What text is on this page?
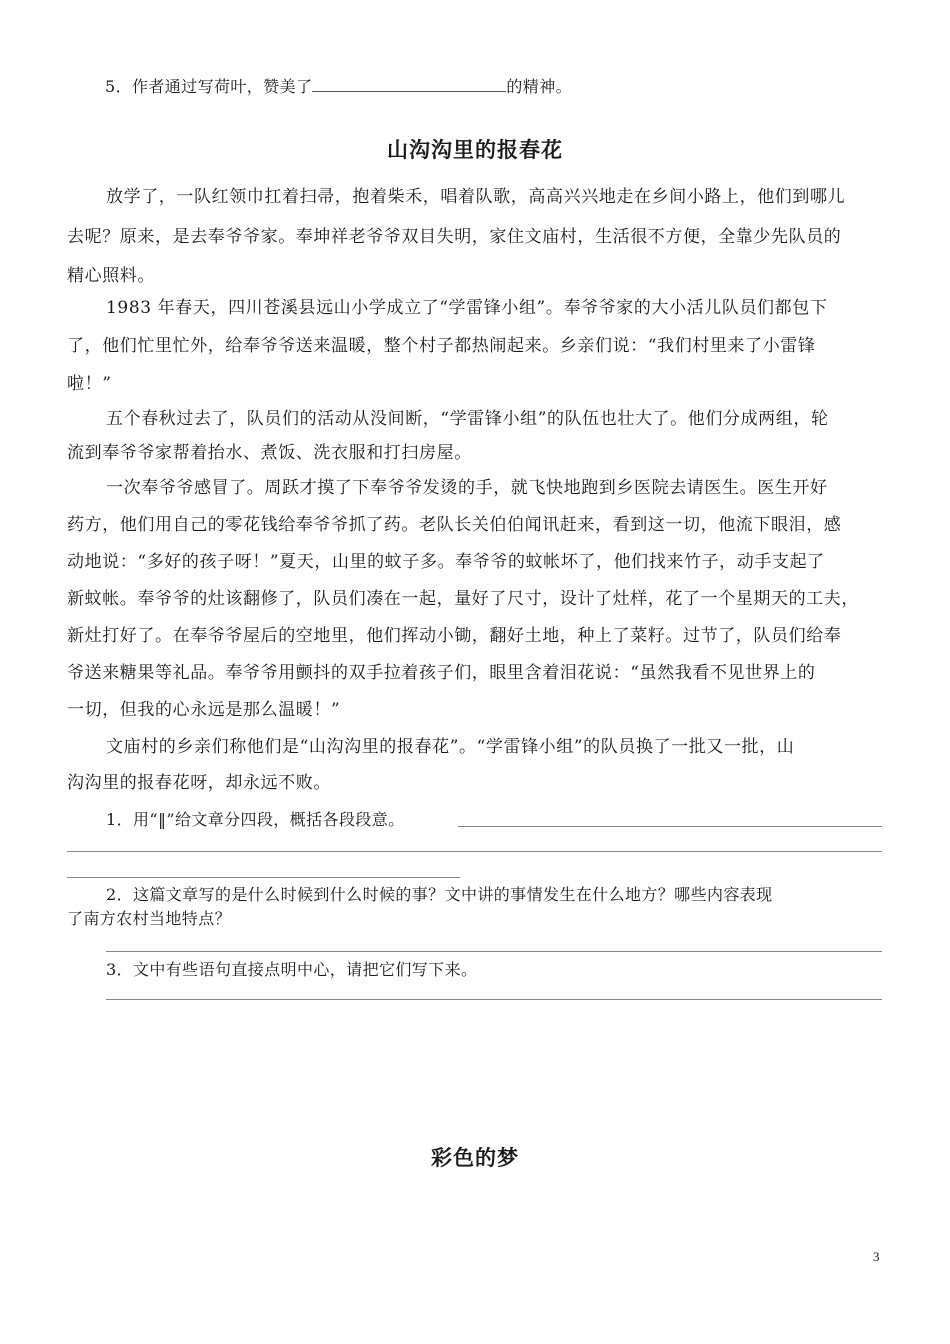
5．作者通过写荷叶，赞美了	的精神。
山沟沟里的报春花
放学了，一队红领巾扛着扫帚，抱着柴禾，唱着队歌，高高兴兴地走在乡间小路上，他们到哪儿
去呢？原来，是去奉爷爷家。奉坤祥老爷爷双目失明，家住文庙村，生活很不方便，全靠少先队员的
精心照料。
1983 年春天，四川苍溪县远山小学成立了“学雷锋小组”。奉爷爷家的大小活儿队员们都包下
了，他们忙里忙外，给奉爷爷送来温暖，整个村子都热闹起来。乡亲们说：“我们村里来了小雷锋
啦！”
五个春秋过去了，队员们的活动从没间断，“学雷锋小组”的队伍也壮大了。他们分成两组，轮
流到奉爷爷家帮着抬水、煮饭、洗衣服和打扫房屋。
一次奉爷爷感冒了。周跃才摸了下奉爷爷发烫的手，就飞快地跑到乡医院去请医生。医生开好
药方，他们用自己的零花钱给奉爷爷抓了药。老队长关伯伯闻讯赶来，看到这一切，他流下眼泪，感
动地说：“多好的孩子呀！”夏天，山里的蚊子多。奉爷爷的蚊帐坏了，他们找来竹子，动手支起了
新蚊帐。奉爷爷的灶该翻修了，队员们凑在一起，量好了尺寸，设计了灶样，花了一个星期天的工夫，
新灶打好了。在奉爷爷屋后的空地里，他们挥动小锄，翻好土地，种上了菜籽。过节了，队员们给奉
爷送来糖果等礼品。奉爷爷用颤抖的双手拉着孩子们，眼里含着泪花说：“虽然我看不见世界上的
一切，但我的心永远是那么温暖！”
文庙村的乡亲们称他们是“山沟沟里的报春花”。“学雷锋小组”的队员换了一批又一批，山
沟沟里的报春花呀，却永远不败。
1．用“‖”给文章分四段，概括各段段意。
2．这篇文章写的是什么时候到什么时候的事？文中讲的事情发生在什么地方？哪些内容表现
了南方农村当地特点？
3．文中有些语句直接点明中心，请把它们写下来。
彩色的梦
3
